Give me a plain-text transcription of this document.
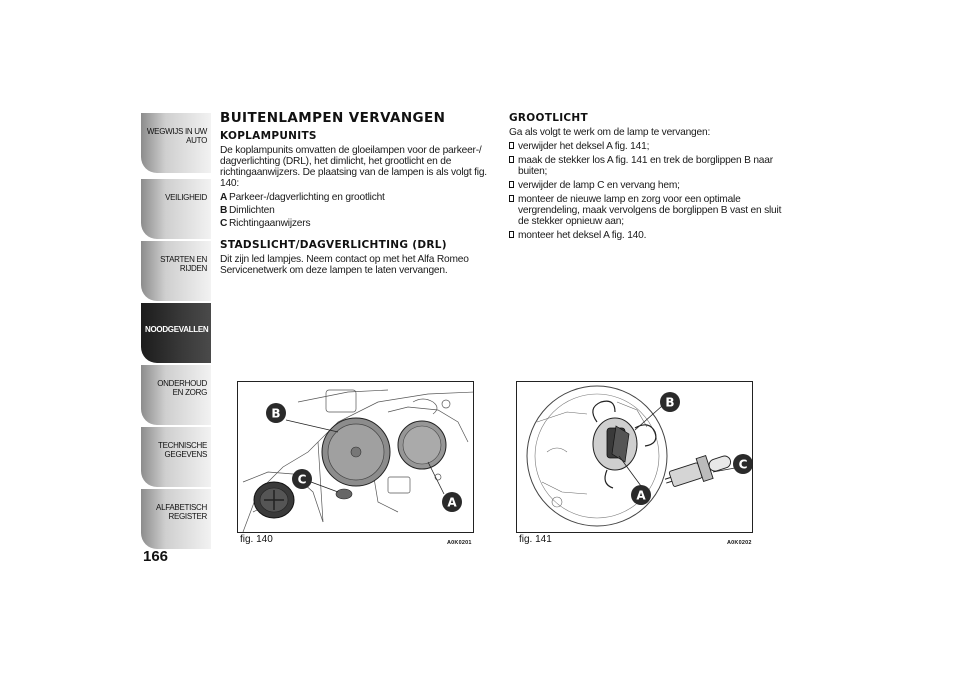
WEGWIJS IN UW AUTO
VEILIGHEID
STARTEN EN RIJDEN
NOODGEVALLEN
ONDERHOUD EN ZORG
TECHNISCHE GEGEVENS
ALFABETISCH REGISTER
166
BUITENLAMPEN VERVANGEN
KOPLAMPUNITS

De koplampunits omvatten de gloeilampen voor de parkeer-/ dagverlichting (DRL), het dimlicht, het grootlicht en de richtingaanwijzers. De plaatsing van de lampen is als volgt fig. 140:

A Parkeer-/dagverlichting en grootlicht
B Dimlichten
C Richtingaanwijzers
STADSLICHT/DAGVERLICHTING (DRL)

Dit zijn led lampjes. Neem contact op met het Alfa Romeo Servicenetwerk om deze lampen te laten vervangen.

GROOTLICHT

Ga als volgt te werk om de lamp te vervangen:

verwijder het deksel A fig. 141;
maak de stekker los A fig. 141 en trek de borglippen B naar buiten;
verwijder de lamp C en vervang hem;
monteer de nieuwe lamp en zorg voor een optimale vergrendeling, maak vervolgens de borglippen B vast en sluit de stekker opnieuw aan;
monteer het deksel A fig. 140.
B
C
A
fig. 140	A0K0201
B
C
A
fig. 141	A0K0202
